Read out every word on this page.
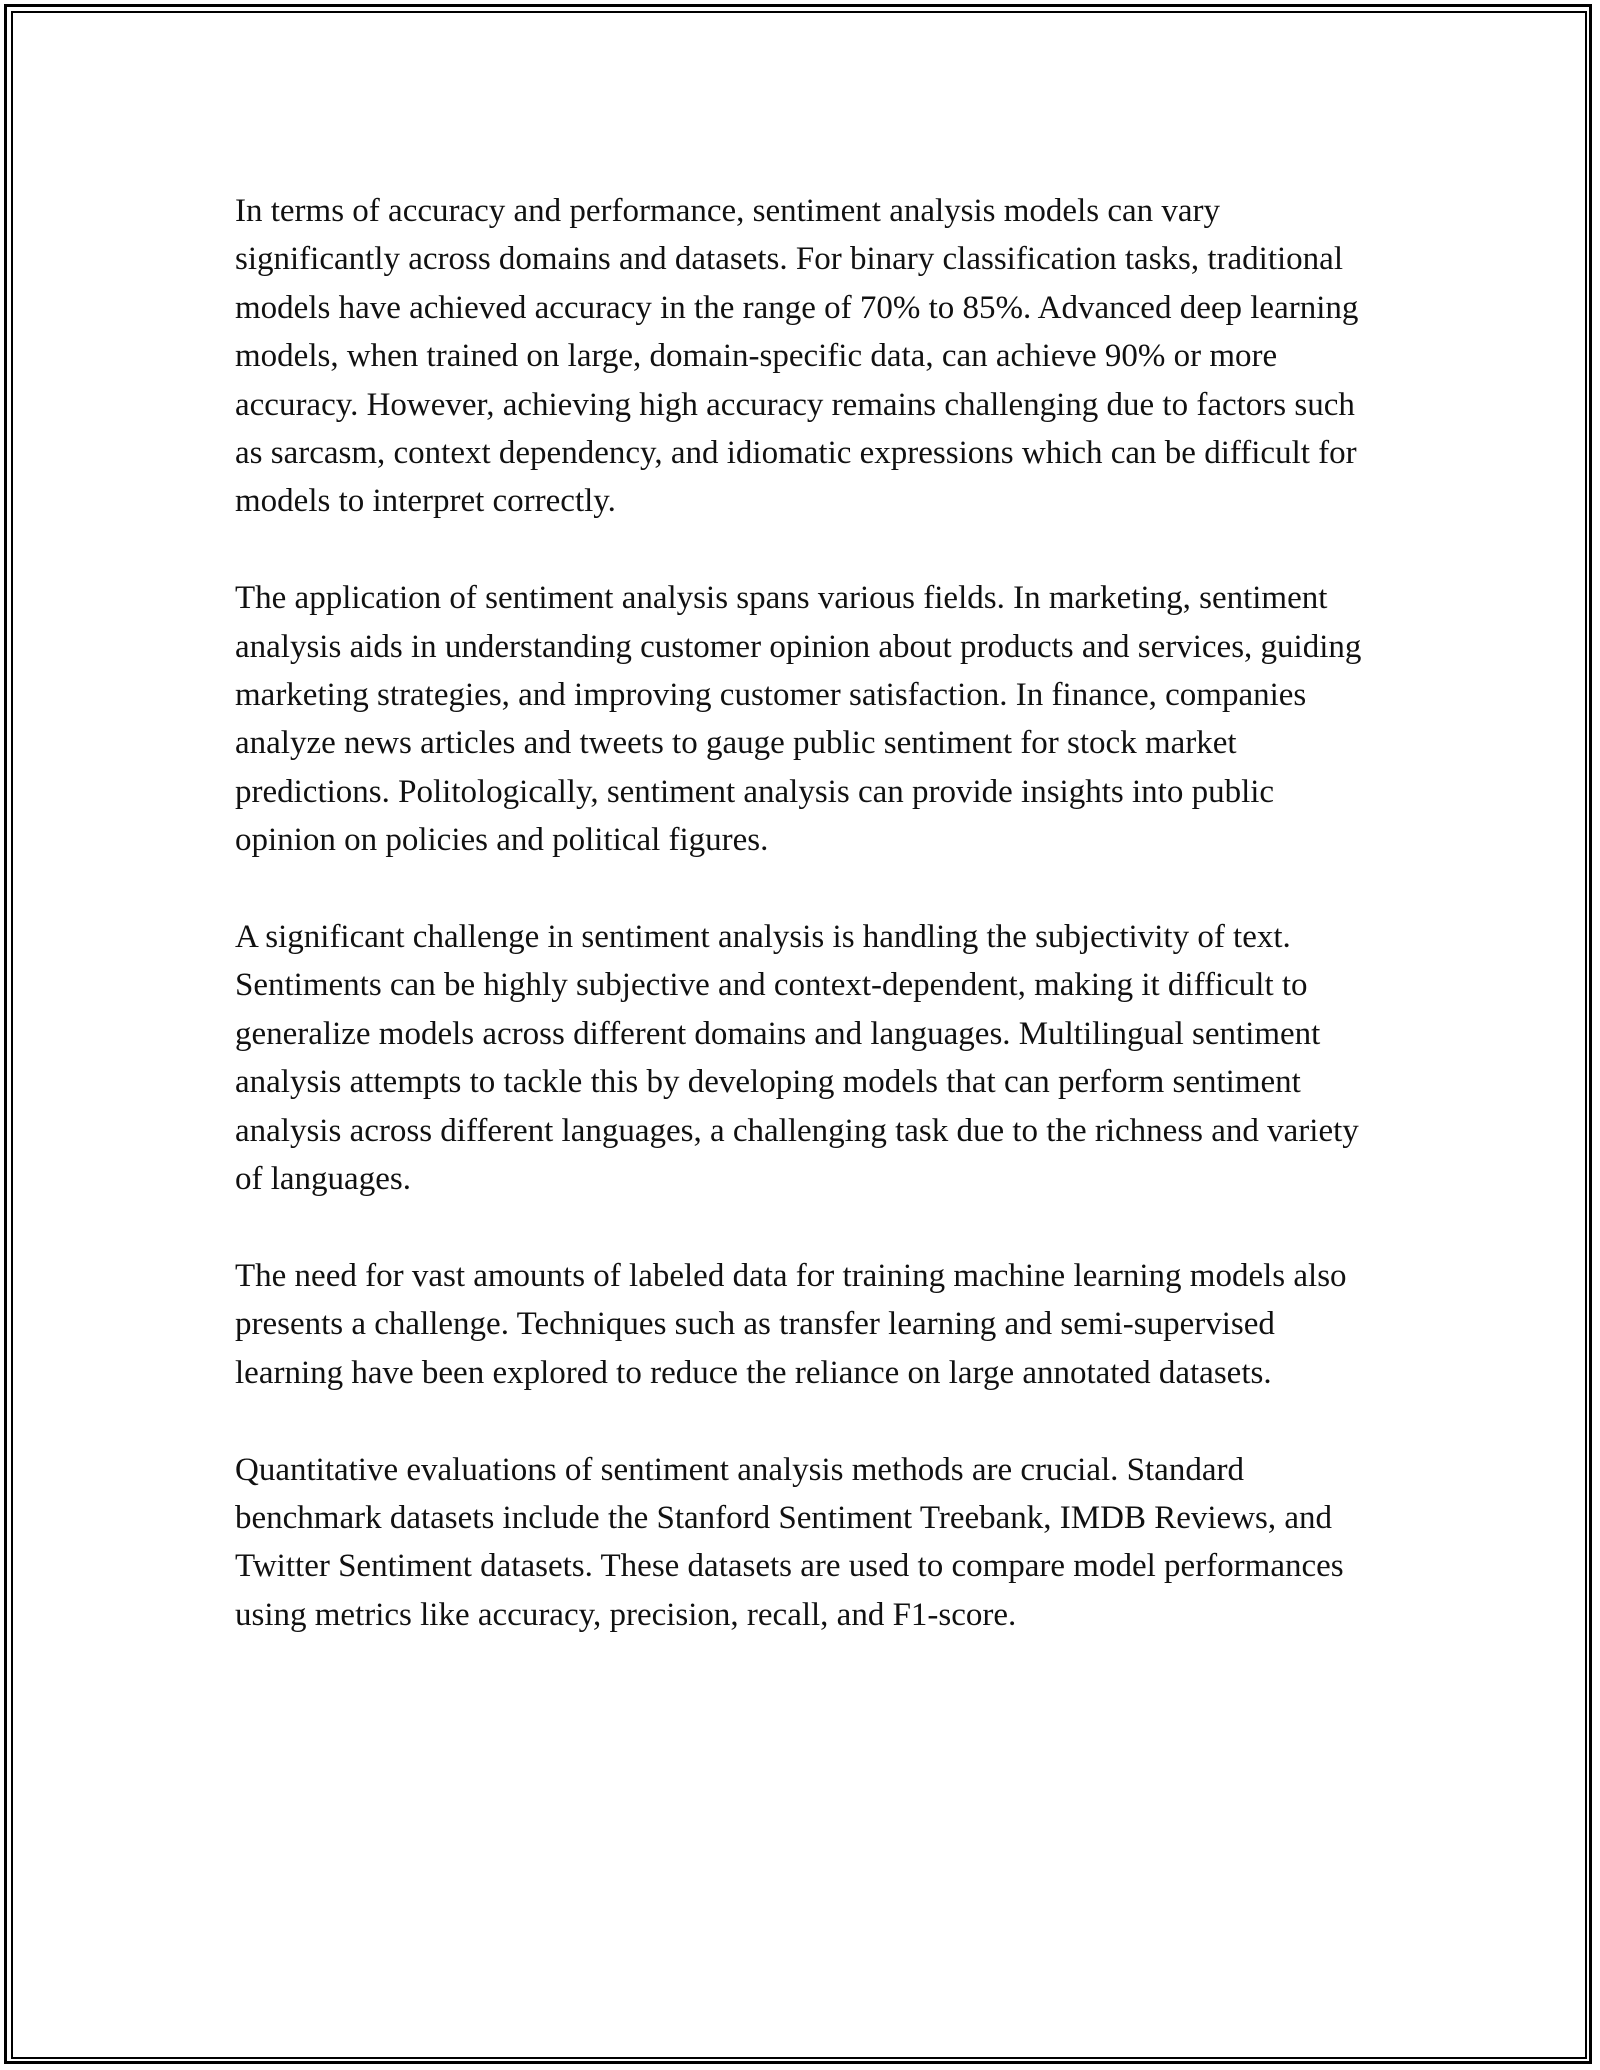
In terms of accuracy and performance, sentiment analysis models can vary significantly across domains and datasets. For binary classification tasks, traditional models have achieved accuracy in the range of 70% to 85%. Advanced deep learning models, when trained on large, domain-specific data, can achieve 90% or more accuracy. However, achieving high accuracy remains challenging due to factors such as sarcasm, context dependency, and idiomatic expressions which can be difficult for models to interpret correctly.

The application of sentiment analysis spans various fields. In marketing, sentiment analysis aids in understanding customer opinion about products and services, guiding marketing strategies, and improving customer satisfaction. In finance, companies analyze news articles and tweets to gauge public sentiment for stock market predictions. Politologically, sentiment analysis can provide insights into public opinion on policies and political figures.

A significant challenge in sentiment analysis is handling the subjectivity of text. Sentiments can be highly subjective and context-dependent, making it difficult to generalize models across different domains and languages. Multilingual sentiment analysis attempts to tackle this by developing models that can perform sentiment analysis across different languages, a challenging task due to the richness and variety of languages.

The need for vast amounts of labeled data for training machine learning models also presents a challenge. Techniques such as transfer learning and semi-supervised learning have been explored to reduce the reliance on large annotated datasets.

Quantitative evaluations of sentiment analysis methods are crucial. Standard benchmark datasets include the Stanford Sentiment Treebank, IMDB Reviews, and Twitter Sentiment datasets. These datasets are used to compare model performances using metrics like accuracy, precision, recall, and F1-score.
